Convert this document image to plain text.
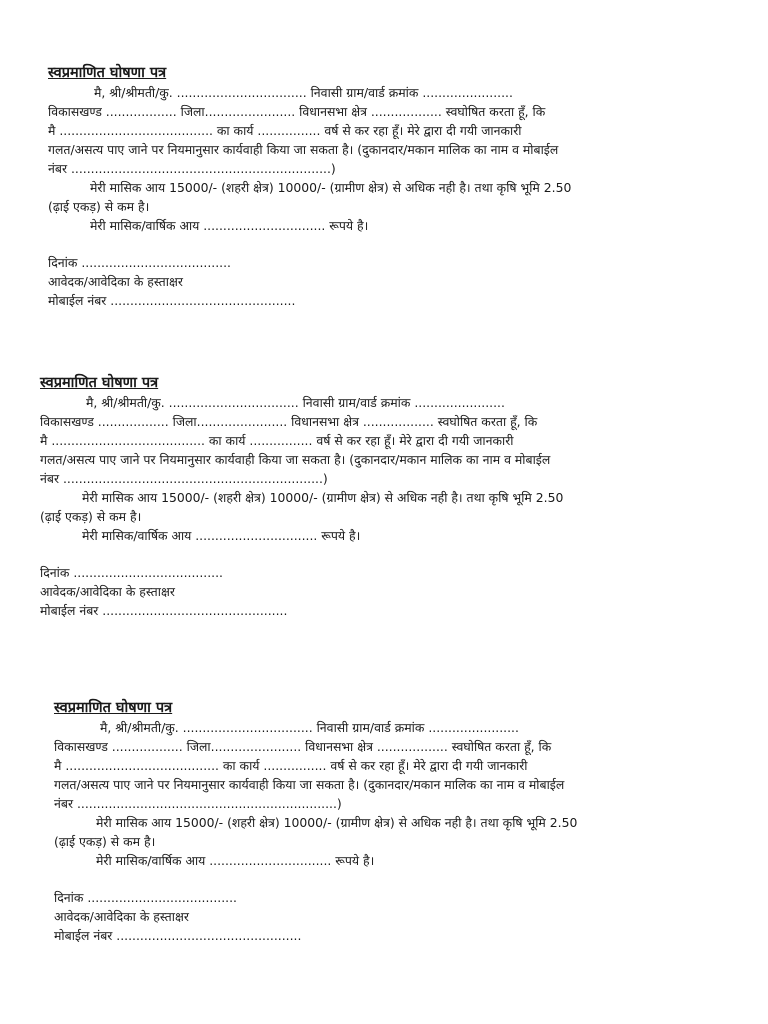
स्वप्रमाणित घोषणा पत्र

मै, श्री/श्रीमती/कु. ................................. निवासी ग्राम/वार्ड क्रमांक .......................

विकासखण्ड .................. जिला....................... विधानसभा क्षेत्र .................. स्वघोषित करता हूँ, कि

मै ....................................... का कार्य ................ वर्ष से कर रहा हूँ। मेरे द्वारा दी गयी जानकारी

गलत/असत्य पाए जाने पर नियमानुसार कार्यवाही किया जा सकता है। (दुकानदार/मकान मालिक का नाम व मोबाईल

नंबर ..................................................................)

मेरी मासिक आय 15000/- (शहरी क्षेत्र) 10000/- (ग्रामीण क्षेत्र) से अधिक नही है। तथा कृषि भूमि 2.50

(ढ़ाई एकड़) से कम है।

मेरी मासिक/वार्षिक आय ............................... रूपये है।

दिनांक ......................................

आवेदक/आवेदिका के हस्ताक्षर

मोबाईल नंबर ...............................................

स्वप्रमाणित घोषणा पत्र

मै, श्री/श्रीमती/कु. ................................. निवासी ग्राम/वार्ड क्रमांक .......................

विकासखण्ड .................. जिला....................... विधानसभा क्षेत्र .................. स्वघोषित करता हूँ, कि

मै ....................................... का कार्य ................ वर्ष से कर रहा हूँ। मेरे द्वारा दी गयी जानकारी

गलत/असत्य पाए जाने पर नियमानुसार कार्यवाही किया जा सकता है। (दुकानदार/मकान मालिक का नाम व मोबाईल

नंबर ..................................................................)

मेरी मासिक आय 15000/- (शहरी क्षेत्र) 10000/- (ग्रामीण क्षेत्र) से अधिक नही है। तथा कृषि भूमि 2.50

(ढ़ाई एकड़) से कम है।

मेरी मासिक/वार्षिक आय ............................... रूपये है।

दिनांक ......................................

आवेदक/आवेदिका के हस्ताक्षर

मोबाईल नंबर ...............................................

स्वप्रमाणित घोषणा पत्र

मै, श्री/श्रीमती/कु. ................................. निवासी ग्राम/वार्ड क्रमांक .......................

विकासखण्ड .................. जिला....................... विधानसभा क्षेत्र .................. स्वघोषित करता हूँ, कि

मै ....................................... का कार्य ................ वर्ष से कर रहा हूँ। मेरे द्वारा दी गयी जानकारी

गलत/असत्य पाए जाने पर नियमानुसार कार्यवाही किया जा सकता है। (दुकानदार/मकान मालिक का नाम व मोबाईल

नंबर ..................................................................)

मेरी मासिक आय 15000/- (शहरी क्षेत्र) 10000/- (ग्रामीण क्षेत्र) से अधिक नही है। तथा कृषि भूमि 2.50

(ढ़ाई एकड़) से कम है।

मेरी मासिक/वार्षिक आय ............................... रूपये है।

दिनांक ......................................

आवेदक/आवेदिका के हस्ताक्षर

मोबाईल नंबर ...............................................
